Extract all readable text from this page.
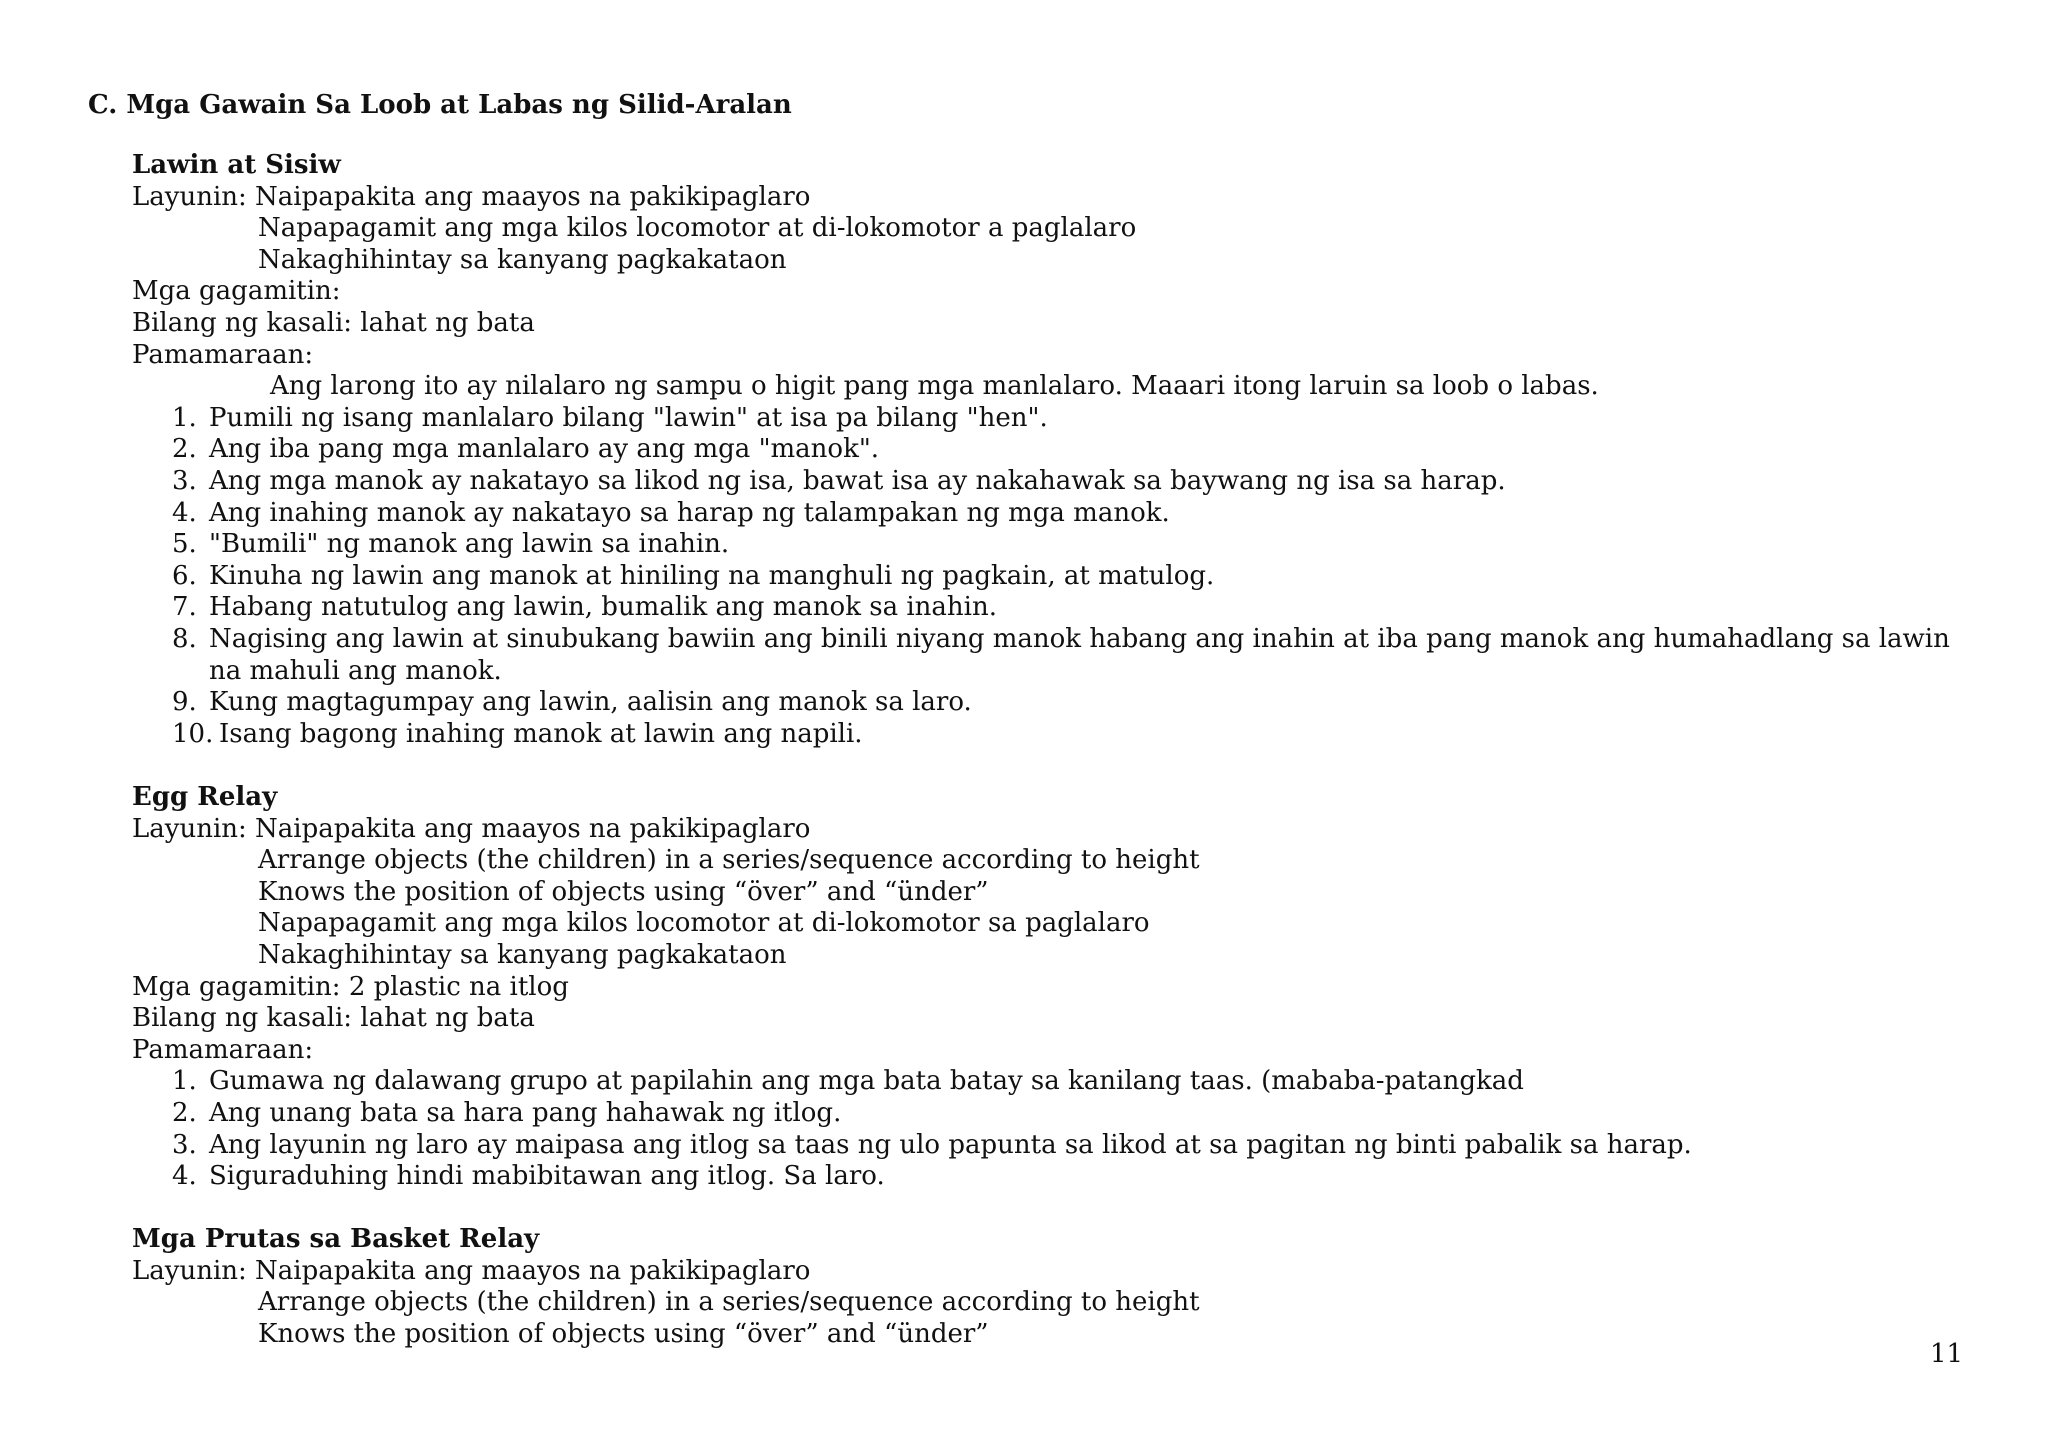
C. Mga Gawain Sa Loob at Labas ng Silid-Aralan
Lawin at Sisiw
Layunin: Naipapakita ang maayos na pakikipaglaro
Napapagamit ang mga kilos locomotor at di-lokomotor a paglalaro
Nakaghihintay sa kanyang pagkakataon
Mga gagamitin:
Bilang ng kasali: lahat ng bata
Pamamaraan:
Ang larong ito ay nilalaro ng sampu o higit pang mga manlalaro. Maaari itong laruin sa loob o labas.
1. Pumili ng isang manlalaro bilang "lawin" at isa pa bilang "hen".
2. Ang iba pang mga manlalaro ay ang mga "manok".
3. Ang mga manok ay nakatayo sa likod ng isa, bawat isa ay nakahawak sa baywang ng isa sa harap.
4. Ang inahing manok ay nakatayo sa harap ng talampakan ng mga manok.
5. "Bumili" ng manok ang lawin sa inahin.
6. Kinuha ng lawin ang manok at hiniling na manghuli ng pagkain, at matulog.
7. Habang natutulog ang lawin, bumalik ang manok sa inahin.
8. Nagising ang lawin at sinubukang bawiin ang binili niyang manok habang ang inahin at iba pang manok ang humahadlang sa lawin na mahuli ang manok.
9. Kung magtagumpay ang lawin, aalisin ang manok sa laro.
10. Isang bagong inahing manok at lawin ang napili.
Egg Relay
Layunin: Naipapakita ang maayos na pakikipaglaro
Arrange objects (the children) in a series/sequence according to height
Knows the position of objects using “över” and “ünder”
Napapagamit ang mga kilos locomotor at di-lokomotor sa paglalaro
Nakaghihintay sa kanyang pagkakataon
Mga gagamitin: 2 plastic na itlog
Bilang ng kasali: lahat ng bata
Pamamaraan:
1. Gumawa ng dalawang grupo at papilahin ang mga bata batay sa kanilang taas. (mababa-patangkad
2. Ang unang bata sa hara pang hahawak ng itlog.
3. Ang layunin ng laro ay maipasa ang itlog sa taas ng ulo papunta sa likod at sa pagitan ng binti pabalik sa harap.
4. Siguraduhing hindi mabibitawan ang itlog. Sa laro.
Mga Prutas sa Basket Relay
Layunin: Naipapakita ang maayos na pakikipaglaro
Arrange objects (the children) in a series/sequence according to height
Knows the position of objects using “över” and “ünder”
11
